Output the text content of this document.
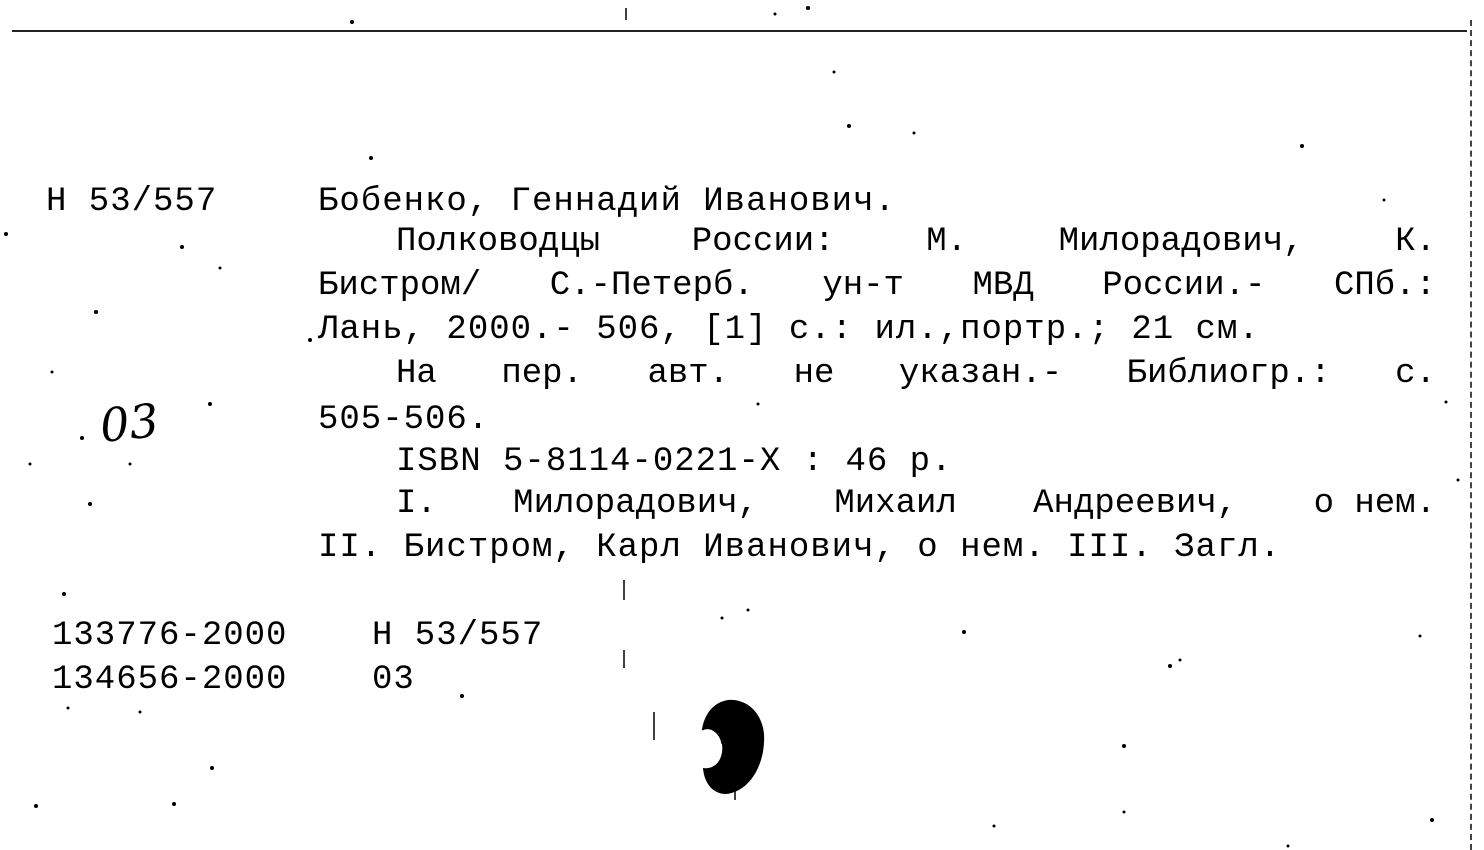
Н 53/557	Бобенко, Геннадий Иванович.
Полководцы	России:	М.	Милорадович,	К.
Бистром/ С.-Петерб. ун-т МВД России.- СПб.:
Лань, 2000.- 506, [1] с.: ил.,портр.; 21 см.
На пер. авт. не указан.- Библиогр.: с.
505-506.
ISBN 5-8114-0221-X : 46 р.
I. Милорадович, Михаил Андреевич, о нем.
II. Бистром, Карл Иванович, о нем. III. Загл.
03
133776-2000 Н 53/557
134656-2000 03
